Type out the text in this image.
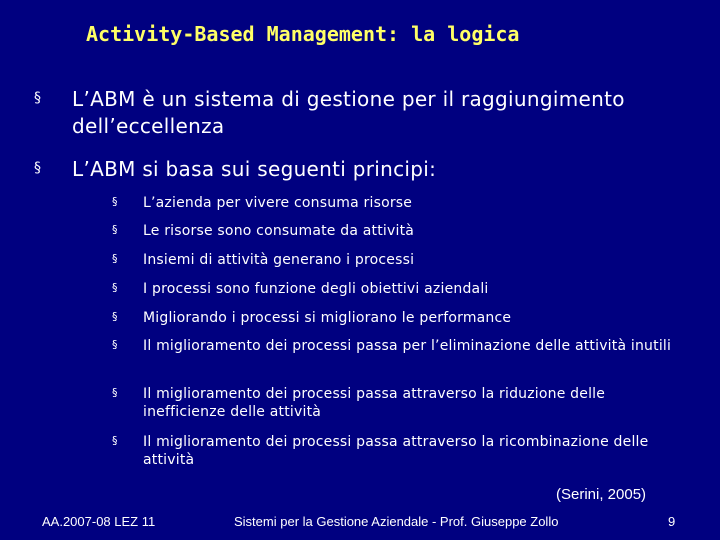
Activity-Based Management: la logica
§ L’ABM è un sistema di gestione per il raggiungimento dell’eccellenza
§ L’ABM si basa sui seguenti principi:
§ L’azienda per vivere consuma risorse
§ Le risorse sono consumate da attività
§ Insiemi di attività generano i processi
§ I processi sono funzione degli obiettivi aziendali
§ Migliorando i processi si migliorano le performance
§ Il miglioramento dei processi passa per l’eliminazione delle attività inutili
§ Il miglioramento dei processi passa attraverso la riduzione delle inefficienze delle attività
§ Il miglioramento dei processi passa attraverso la ricombinazione delle attività
(Serini, 2005)
AA.2007-08 LEZ 11	Sistemi per la Gestione Aziendale - Prof. Giuseppe Zollo	9
